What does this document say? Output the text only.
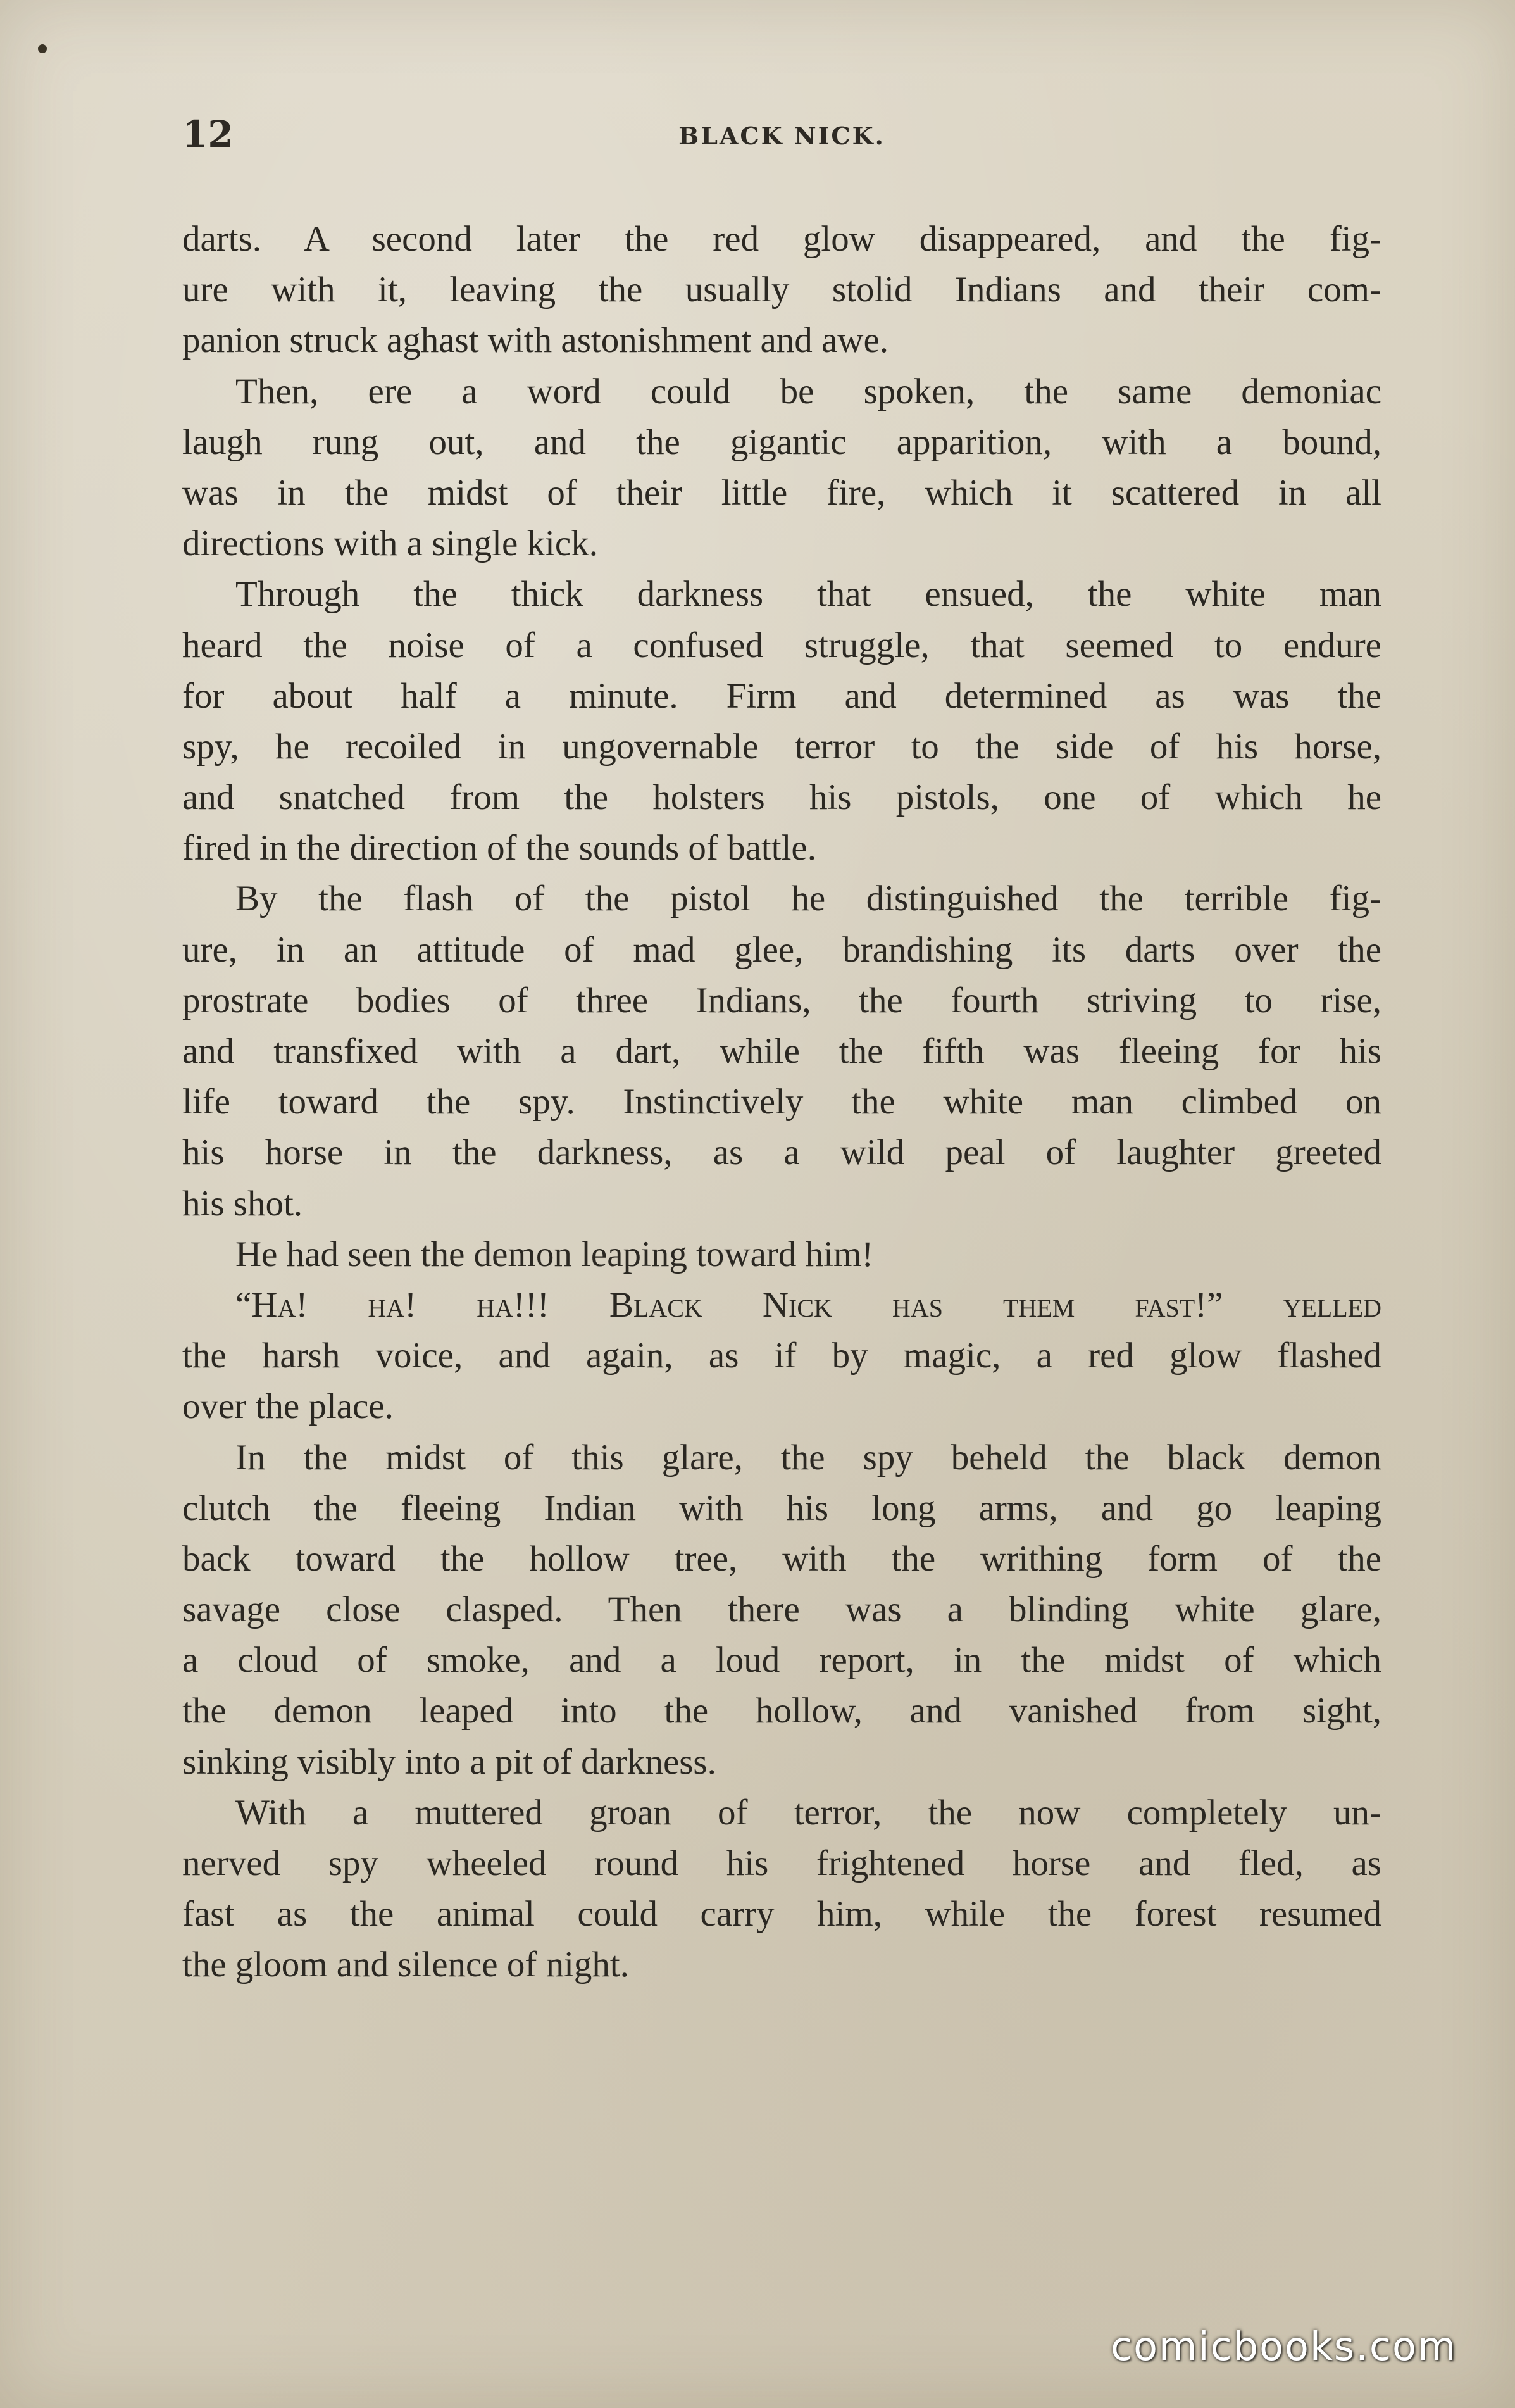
12	BLACK NICK.
darts. A second later the red glow disappeared, and the fig-
ure with it, leaving the usually stolid Indians and their com-
panion struck aghast with astonishment and awe.
Then, ere a word could be spoken, the same demoniac
laugh rung out, and the gigantic apparition, with a bound,
was in the midst of their little fire, which it scattered in all
directions with a single kick.
Through the thick darkness that ensued, the white man
heard the noise of a confused struggle, that seemed to endure
for about half a minute. Firm and determined as was the
spy, he recoiled in ungovernable terror to the side of his horse,
and snatched from the holsters his pistols, one of which he
fired in the direction of the sounds of battle.
By the flash of the pistol he distinguished the terrible fig-
ure, in an attitude of mad glee, brandishing its darts over the
prostrate bodies of three Indians, the fourth striving to rise,
and transfixed with a dart, while the fifth was fleeing for his
life toward the spy. Instinctively the white man climbed on
his horse in the darkness, as a wild peal of laughter greeted
his shot.
He had seen the demon leaping toward him!
“Ha! ha! ha!!! Black Nick has them fast!” yelled
the harsh voice, and again, as if by magic, a red glow flashed
over the place.
In the midst of this glare, the spy beheld the black demon
clutch the fleeing Indian with his long arms, and go leaping
back toward the hollow tree, with the writhing form of the
savage close clasped. Then there was a blinding white glare,
a cloud of smoke, and a loud report, in the midst of which
the demon leaped into the hollow, and vanished from sight,
sinking visibly into a pit of darkness.
With a muttered groan of terror, the now completely un-
nerved spy wheeled round his frightened horse and fled, as
fast as the animal could carry him, while the forest resumed
the gloom and silence of night.
comicbooks.com
